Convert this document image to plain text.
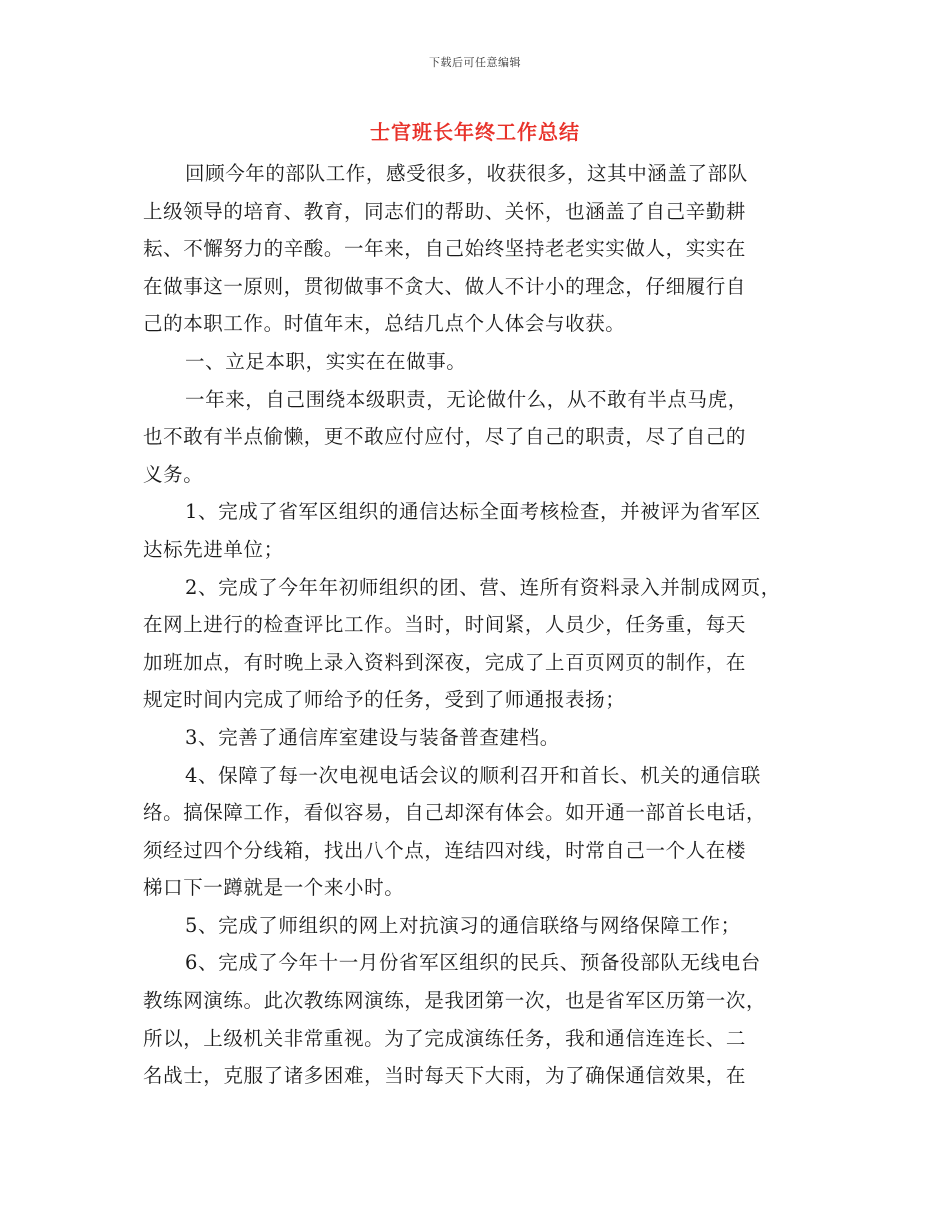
下载后可任意编辑
士官班长年终工作总结
回顾今年的部队工作，感受很多，收获很多，这其中涵盖了部队
上级领导的培育、教育，同志们的帮助、关怀，也涵盖了自己辛勤耕
耘、不懈努力的辛酸。一年来，自己始终坚持老老实实做人，实实在
在做事这一原则，贯彻做事不贪大、做人不计小的理念，仔细履行自
己的本职工作。时值年末，总结几点个人体会与收获。
一、立足本职，实实在在做事。
一年来，自己围绕本级职责，无论做什么，从不敢有半点马虎，
也不敢有半点偷懒，更不敢应付应付，尽了自己的职责，尽了自己的
义务。
1、完成了省军区组织的通信达标全面考核检查，并被评为省军区
达标先进单位；
2、完成了今年年初师组织的团、营、连所有资料录入并制成网页，
在网上进行的检查评比工作。当时，时间紧，人员少，任务重，每天
加班加点，有时晚上录入资料到深夜，完成了上百页网页的制作，在
规定时间内完成了师给予的任务，受到了师通报表扬；
3、完善了通信库室建设与装备普查建档。
4、保障了每一次电视电话会议的顺利召开和首长、机关的通信联
络。搞保障工作，看似容易，自己却深有体会。如开通一部首长电话，
须经过四个分线箱，找出八个点，连结四对线，时常自己一个人在楼
梯口下一蹲就是一个来小时。
5、完成了师组织的网上对抗演习的通信联络与网络保障工作；
6、完成了今年十一月份省军区组织的民兵、预备役部队无线电台
教练网演练。此次教练网演练，是我团第一次，也是省军区历第一次，
所以，上级机关非常重视。为了完成演练任务，我和通信连连长、二
名战士，克服了诸多困难，当时每天下大雨，为了确保通信效果，在
